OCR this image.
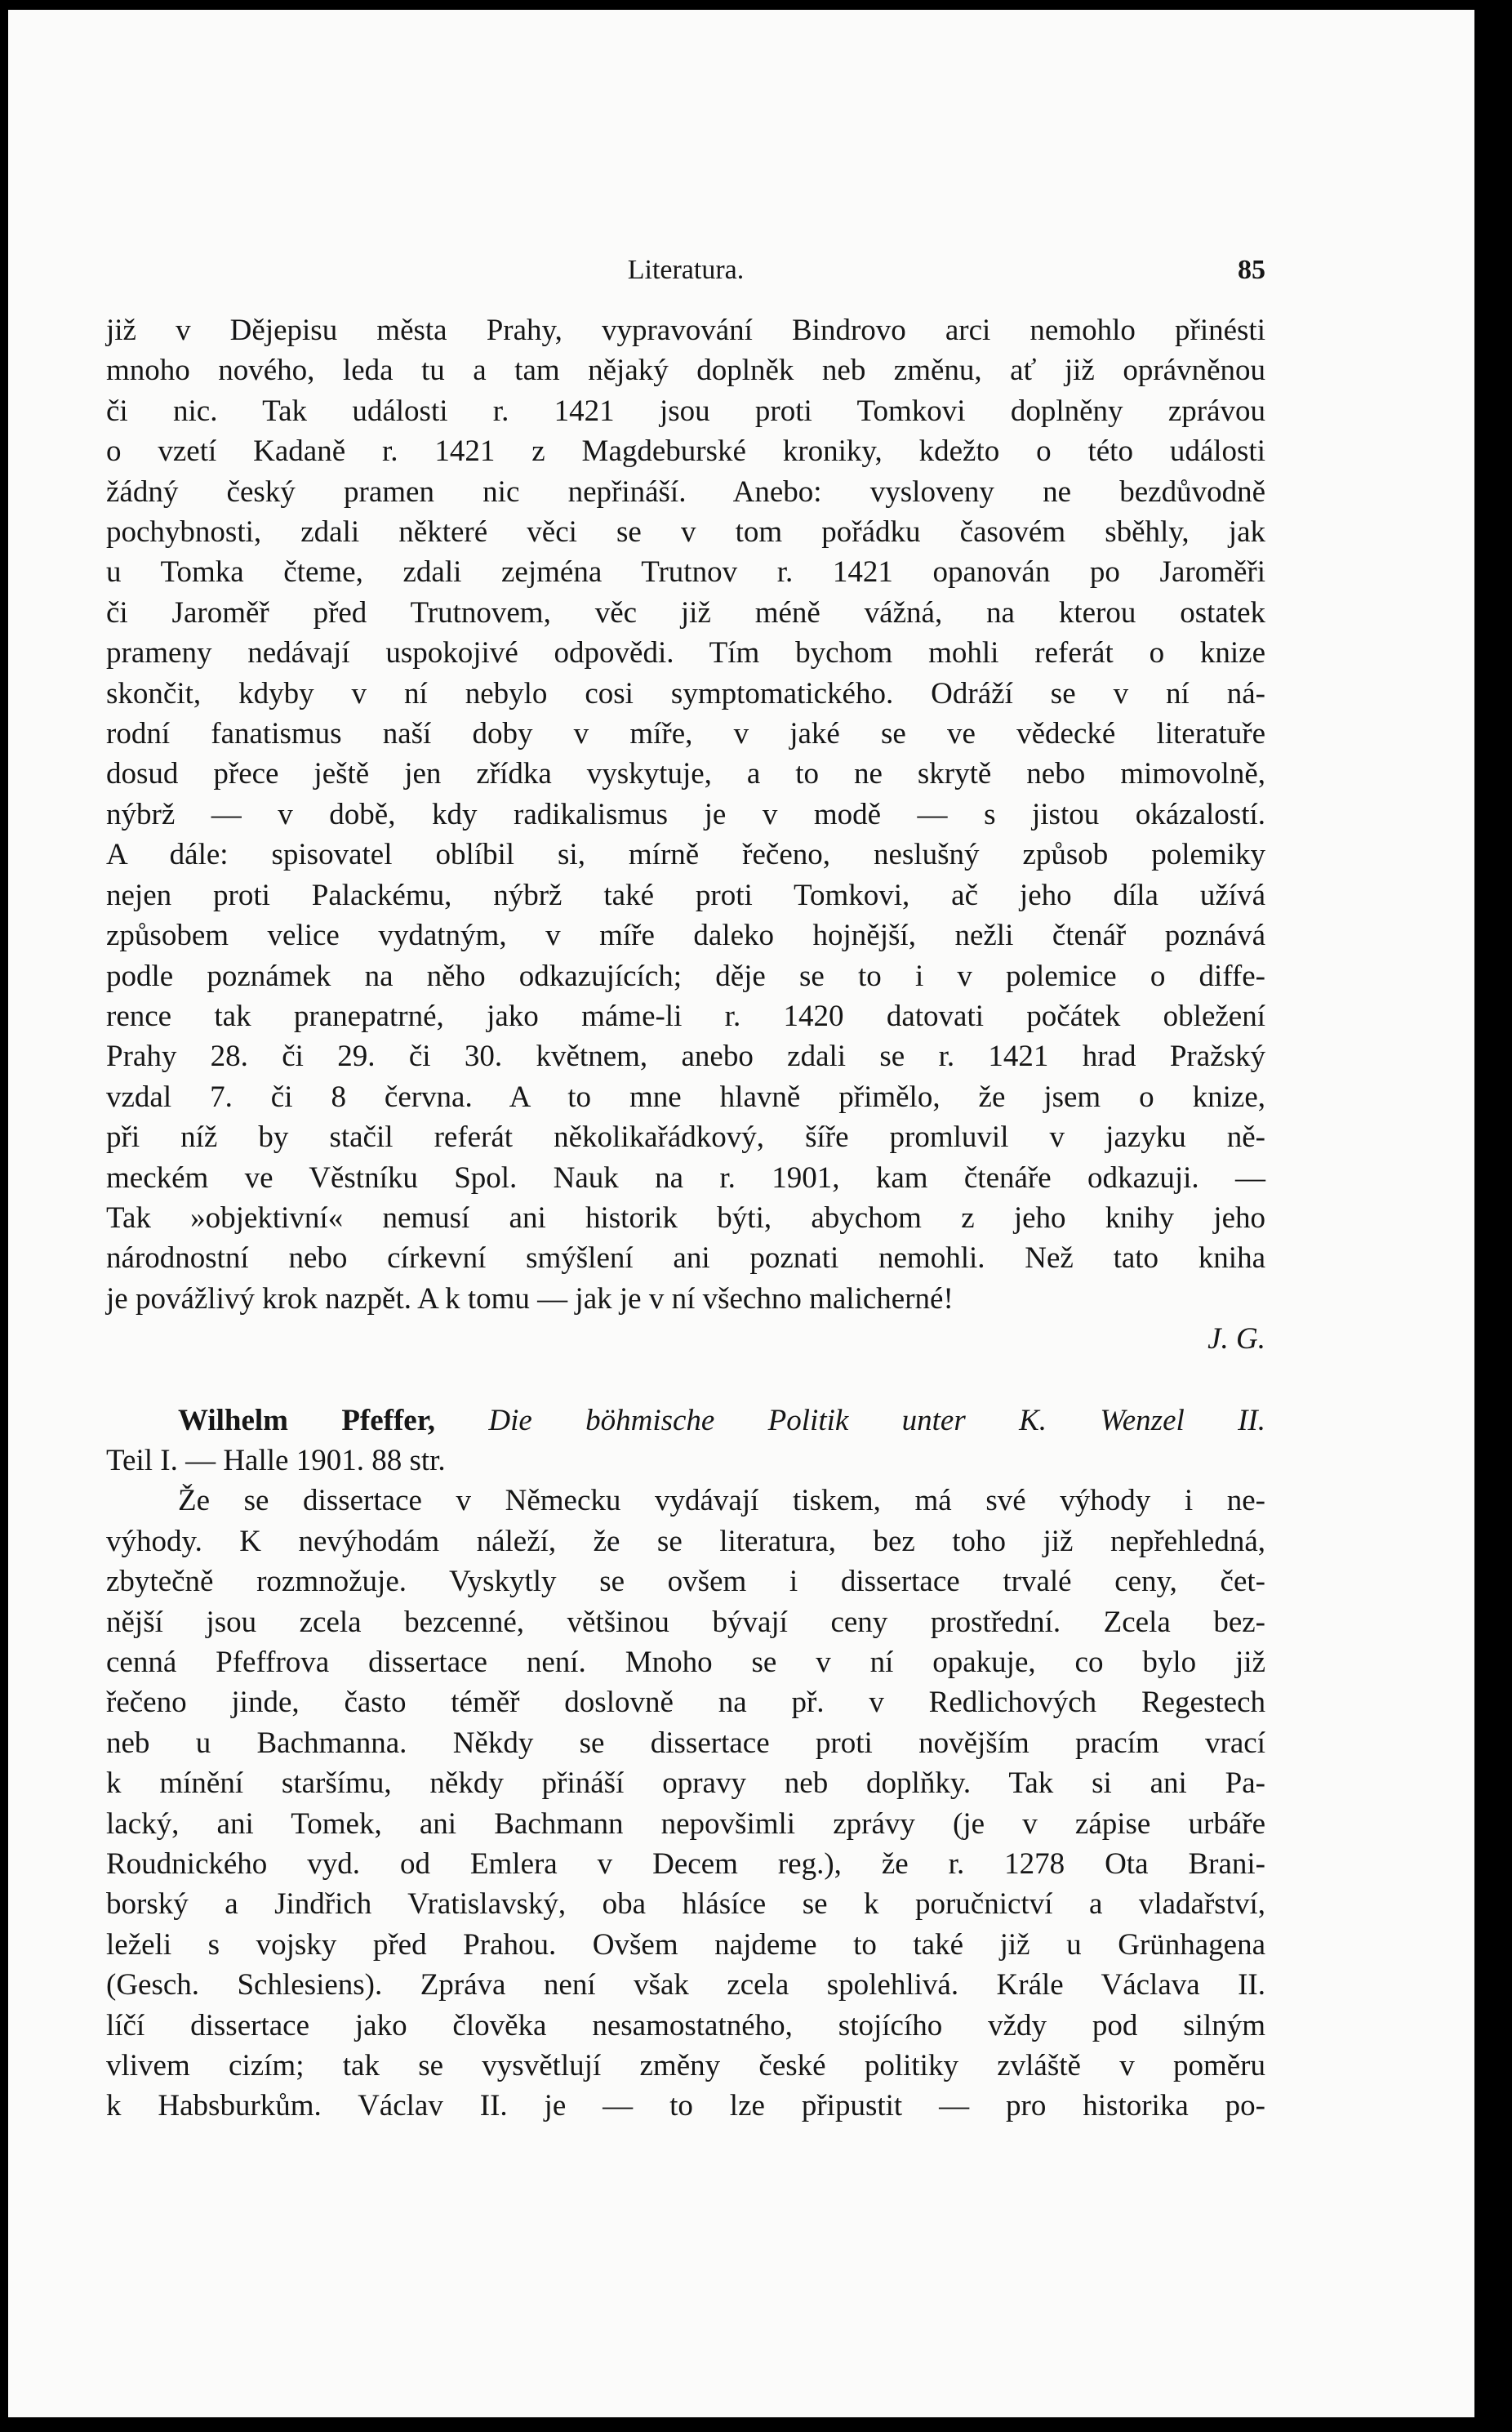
Literatura.	85

již v Dějepisu města Prahy, vypravování Bindrovo arci nemohlo přinésti
mnoho nového, leda tu a tam nějaký doplněk neb změnu, ať již oprávněnou
či nic. Tak události r. 1421 jsou proti Tomkovi doplněny zprávou
o vzetí Kadaně r. 1421 z Magdeburské kroniky, kdežto o této události
žádný český pramen nic nepřináší. Anebo: vysloveny ne bezdůvodně
pochybnosti, zdali některé věci se v tom pořádku časovém sběhly, jak
u Tomka čteme, zdali zejména Trutnov r. 1421 opanován po Jaroměři
či Jaroměř před Trutnovem, věc již méně vážná, na kterou ostatek
prameny nedávají uspokojivé odpovědi. Tím bychom mohli referát o knize
skončit, kdyby v ní nebylo cosi symptomatického. Odráží se v ní ná-
rodní fanatismus naší doby v míře, v jaké se ve vědecké literatuře
dosud přece ještě jen zřídka vyskytuje, a to ne skrytě nebo mimovolně,
nýbrž — v době, kdy radikalismus je v modě — s jistou okázalostí.
A dále: spisovatel oblíbil si, mírně řečeno, neslušný způsob polemiky
nejen proti Palackému, nýbrž také proti Tomkovi, ač jeho díla užívá
způsobem velice vydatným, v míře daleko hojnější, nežli čtenář poznává
podle poznámek na něho odkazujících; děje se to i v polemice o diffe-
rence tak pranepatrné, jako máme-li r. 1420 datovati počátek obležení
Prahy 28. či 29. či 30. květnem, anebo zdali se r. 1421 hrad Pražský
vzdal 7. či 8 června. A to mne hlavně přimělo, že jsem o knize,
při níž by stačil referát několikařádkový, šíře promluvil v jazyku ně-
meckém ve Věstníku Spol. Nauk na r. 1901, kam čtenáře odkazuji. —
Tak »objektivní« nemusí ani historik býti, abychom z jeho knihy jeho
národnostní nebo církevní smýšlení ani poznati nemohli. Než tato kniha
je povážlivý krok nazpět. A k tomu — jak je v ní všechno malicherné!
J. G.

Wilhelm Pfeffer, Die böhmische Politik unter K. Wenzel II.
Teil I. — Halle 1901. 88 str.

Že se dissertace v Německu vydávají tiskem, má své výhody i ne-
výhody. K nevýhodám náleží, že se literatura, bez toho již nepřehledná,
zbytečně rozmnožuje. Vyskytly se ovšem i dissertace trvalé ceny, čet-
nější jsou zcela bezcenné, většinou bývají ceny prostřední. Zcela bez-
cenná Pfeffrova dissertace není. Mnoho se v ní opakuje, co bylo již
řečeno jinde, často téměř doslovně na př. v Redlichových Regestech
neb u Bachmanna. Někdy se dissertace proti novějším pracím vrací
k mínění staršímu, někdy přináší opravy neb doplňky. Tak si ani Pa-
lacký, ani Tomek, ani Bachmann nepovšimli zprávy (je v zápise urbáře
Roudnického vyd. od Emlera v Decem reg.), že r. 1278 Ota Brani-
borský a Jindřich Vratislavský, oba hlásíce se k poručnictví a vladařství,
leželi s vojsky před Prahou. Ovšem najdeme to také již u Grünhagena
(Gesch. Schlesiens). Zpráva není však zcela spolehlivá. Krále Václava II.
líčí dissertace jako člověka nesamostatného, stojícího vždy pod silným
vlivem cizím; tak se vysvětlují změny české politiky zvláště v poměru
k Habsburkům. Václav II. je — to lze připustit — pro historika po-
